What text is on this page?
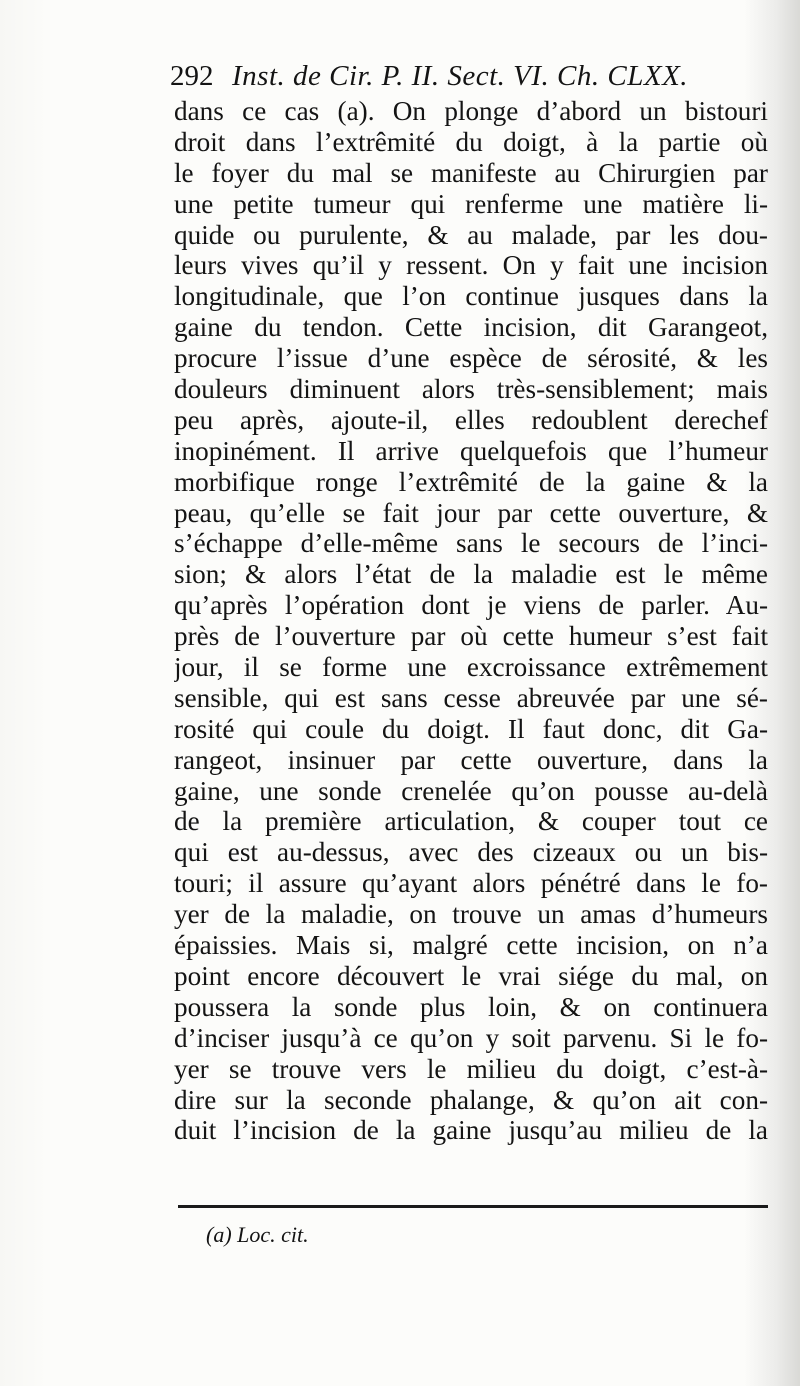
292 Inst. de Cir. P. II. Sect. VI. Ch. CLXX.
dans ce cas (a). On plonge d’abord un bistouri
droit dans l’extrêmité du doigt, à la partie où
le foyer du mal se manifeste au Chirurgien par
une petite tumeur qui renferme une matière li-
quide ou purulente, & au malade, par les dou-
leurs vives qu’il y ressent. On y fait une incision
longitudinale, que l’on continue jusques dans la
gaine du tendon. Cette incision, dit Garangeot,
procure l’issue d’une espèce de sérosité, & les
douleurs diminuent alors très-sensiblement; mais
peu après, ajoute-il, elles redoublent derechef
inopinément. Il arrive quelquefois que l’humeur
morbifique ronge l’extrêmité de la gaine & la
peau, qu’elle se fait jour par cette ouverture, &
s’échappe d’elle-même sans le secours de l’inci-
sion; & alors l’état de la maladie est le même
qu’après l’opération dont je viens de parler. Au-
près de l’ouverture par où cette humeur s’est fait
jour, il se forme une excroissance extrêmement
sensible, qui est sans cesse abreuvée par une sé-
rosité qui coule du doigt. Il faut donc, dit Ga-
rangeot, insinuer par cette ouverture, dans la
gaine, une sonde crenelée qu’on pousse au-delà
de la première articulation, & couper tout ce
qui est au-dessus, avec des cizeaux ou un bis-
touri; il assure qu’ayant alors pénétré dans le fo-
yer de la maladie, on trouve un amas d’humeurs
épaissies. Mais si, malgré cette incision, on n’a
point encore découvert le vrai siége du mal, on
poussera la sonde plus loin, & on continuera
d’inciser jusqu’à ce qu’on y soit parvenu. Si le fo-
yer se trouve vers le milieu du doigt, c’est-à-
dire sur la seconde phalange, & qu’on ait con-
duit l’incision de la gaine jusqu’au milieu de la
(a) Loc. cit.
